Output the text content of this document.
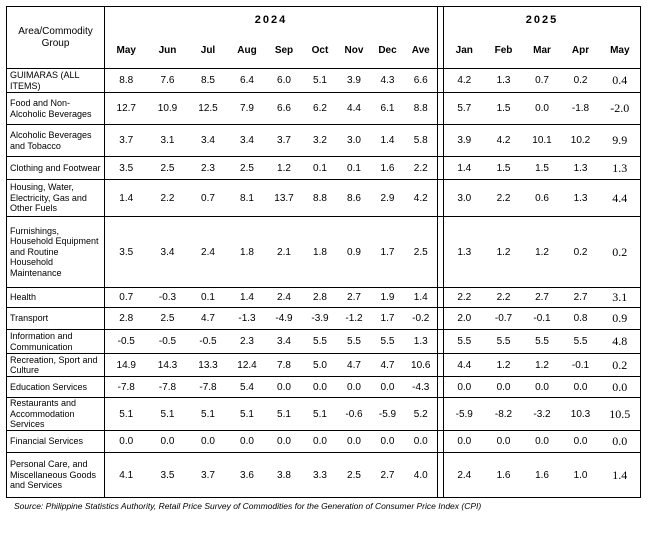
Area/Commodity Group	2024										2025				
	May	Jun	Jul	Aug	Sep	Oct	Nov	Dec	Ave		Jan	Feb	Mar	Apr	May
GUIMARAS (ALL ITEMS)	8.8	7.6	8.5	6.4	6.0	5.1	3.9	4.3	6.6		4.2	1.3	0.7	0.2	0.4
Food and Non-Alcoholic Beverages	12.7	10.9	12.5	7.9	6.6	6.2	4.4	6.1	8.8		5.7	1.5	0.0	-1.8	-2.0
Alcoholic Beverages and Tobacco	3.7	3.1	3.4	3.4	3.7	3.2	3.0	1.4	5.8		3.9	4.2	10.1	10.2	9.9
Clothing and Footwear	3.5	2.5	2.3	2.5	1.2	0.1	0.1	1.6	2.2		1.4	1.5	1.5	1.3	1.3
Housing, Water, Electricity, Gas and Other Fuels	1.4	2.2	0.7	8.1	13.7	8.8	8.6	2.9	4.2		3.0	2.2	0.6	1.3	4.4
Furnishings, Household Equipment and Routine Household Maintenance	3.5	3.4	2.4	1.8	2.1	1.8	0.9	1.7	2.5		1.3	1.2	1.2	0.2	0.2
Health	0.7	-0.3	0.1	1.4	2.4	2.8	2.7	1.9	1.4		2.2	2.2	2.7	2.7	3.1
Transport	2.8	2.5	4.7	-1.3	-4.9	-3.9	-1.2	1.7	-0.2		2.0	-0.7	-0.1	0.8	0.9
Information and Communication	-0.5	-0.5	-0.5	2.3	3.4	5.5	5.5	5.5	1.3		5.5	5.5	5.5	5.5	4.8
Recreation, Sport and Culture	14.9	14.3	13.3	12.4	7.8	5.0	4.7	4.7	10.6		4.4	1.2	1.2	-0.1	0.2
Education Services	-7.8	-7.8	-7.8	5.4	0.0	0.0	0.0	0.0	-4.3		0.0	0.0	0.0	0.0	0.0
Restaurants and Accommodation Services	5.1	5.1	5.1	5.1	5.1	5.1	-0.6	-5.9	5.2		-5.9	-8.2	-3.2	10.3	10.5
Financial Services	0.0	0.0	0.0	0.0	0.0	0.0	0.0	0.0	0.0		0.0	0.0	0.0	0.0	0.0
Personal Care, and Miscellaneous Goods and Services	4.1	3.5	3.7	3.6	3.8	3.3	2.5	2.7	4.0		2.4	1.6	1.6	1.0	1.4
Source: Philippine Statistics Authority, Retail Price Survey of Commodities for the Generation of Consumer Price Index (CPI)
